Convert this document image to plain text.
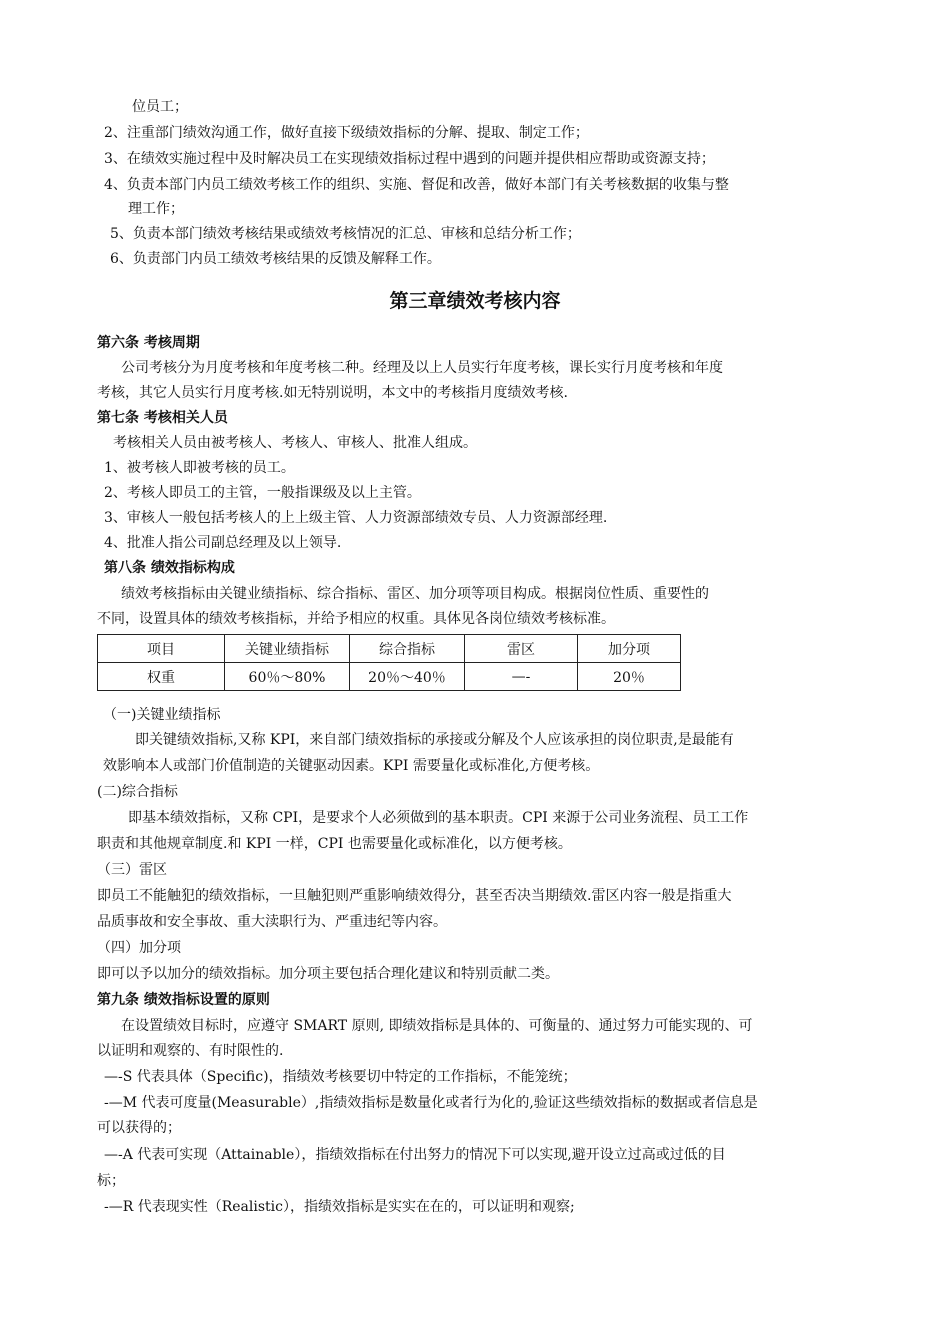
位员工；
2、注重部门绩效沟通工作，做好直接下级绩效指标的分解、提取、制定工作；
3、在绩效实施过程中及时解决员工在实现绩效指标过程中遇到的问题并提供相应帮助或资源支持；
4、负责本部门内员工绩效考核工作的组织、实施、督促和改善，做好本部门有关考核数据的收集与整
理工作；
5、负责本部门绩效考核结果或绩效考核情况的汇总、审核和总结分析工作；
6、负责部门内员工绩效考核结果的反馈及解释工作。
第三章绩效考核内容
第六条 考核周期
公司考核分为月度考核和年度考核二种。经理及以上人员实行年度考核，课长实行月度考核和年度
考核，其它人员实行月度考核.如无特别说明，本文中的考核指月度绩效考核.
第七条 考核相关人员
考核相关人员由被考核人、考核人、审核人、批准人组成。
1、被考核人即被考核的员工。
2、考核人即员工的主管，一般指课级及以上主管。
3、审核人一般包括考核人的上上级主管、人力资源部绩效专员、人力资源部经理.
4、批准人指公司副总经理及以上领导.
第八条 绩效指标构成
绩效考核指标由关键业绩指标、综合指标、雷区、加分项等项目构成。根据岗位性质、重要性的
不同，设置具体的绩效考核指标，并给予相应的权重。具体见各岗位绩效考核标准。
项目	关键业绩指标	综合指标	雷区	加分项
权重	60％～80%	20％～40％	—-	20％
（一)关键业绩指标
即关键绩效指标,又称 KPI，来自部门绩效指标的承接或分解及个人应该承担的岗位职责,是最能有
效影响本人或部门价值制造的关键驱动因素。KPI 需要量化或标准化,方便考核。
(二)综合指标
即基本绩效指标，又称 CPI，是要求个人必须做到的基本职责。CPI 来源于公司业务流程、员工工作
职责和其他规章制度.和 KPI 一样，CPI 也需要量化或标准化，以方便考核。
（三）雷区
即员工不能触犯的绩效指标，一旦触犯则严重影响绩效得分，甚至否决当期绩效.雷区内容一般是指重大
品质事故和安全事故、重大渎职行为、严重违纪等内容。
（四）加分项
即可以予以加分的绩效指标。加分项主要包括合理化建议和特别贡献二类。
第九条 绩效指标设置的原则
在设置绩效目标时，应遵守 SMART 原则, 即绩效指标是具体的、可衡量的、通过努力可能实现的、可
以证明和观察的、有时限性的.
—-S 代表具体（Specific)，指绩效考核要切中特定的工作指标，不能笼统；
-—M 代表可度量(Measurable）,指绩效指标是数量化或者行为化的,验证这些绩效指标的数据或者信息是
可以获得的；
—-A 代表可实现（Attainable），指绩效指标在付出努力的情况下可以实现,避开设立过高或过低的目
标；
-—R 代表现实性（Realistic），指绩效指标是实实在在的，可以证明和观察;
